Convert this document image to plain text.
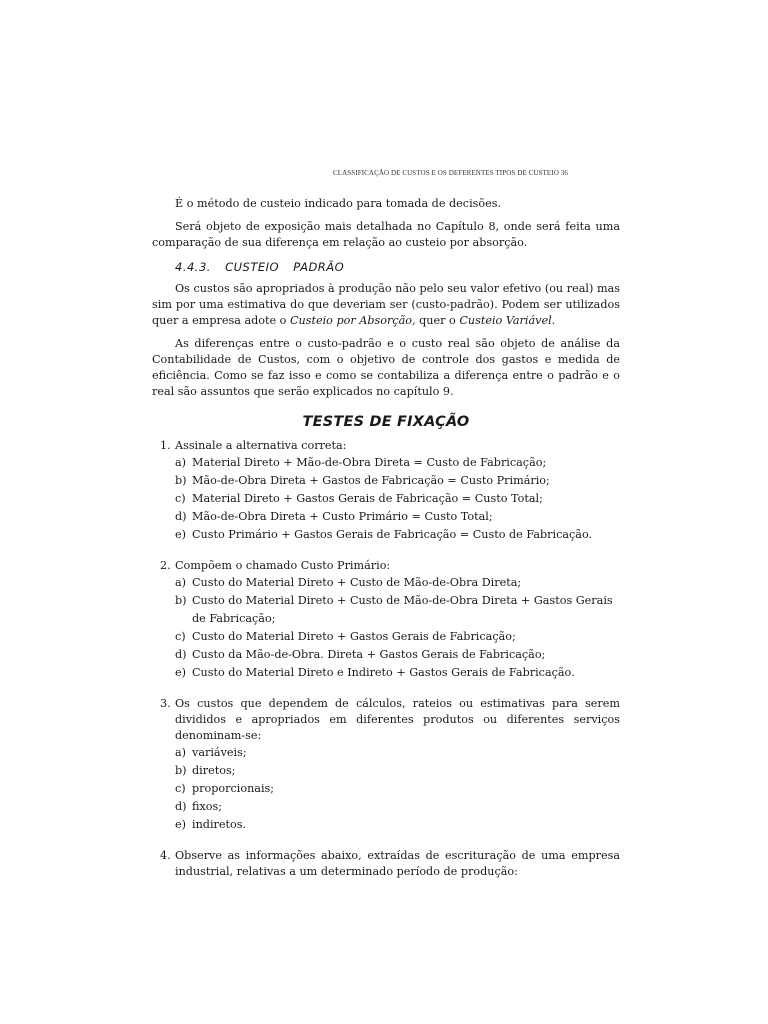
CLASSIFICAÇÃO DE CUSTOS E OS DEFERENTES TIPOS DE CUSTEIO 36

É o método de custeio indicado para tomada de decisões.

Será objeto de exposição mais detalhada no Capítulo 8, onde será feita uma comparação de sua diferença em relação ao custeio por absorção.

4.4.3. CUSTEIO PADRÃO

Os custos são apropriados à produção não pelo seu valor efetivo (ou real) mas sim por uma estimativa do que deveriam ser (custo-padrão). Podem ser utilizados quer a empresa adote o Custeio por Absorção, quer o Custeio Variável.

As diferenças entre o custo-padrão e o custo real são objeto de análise da Contabilidade de Custos, com o objetivo de controle dos gastos e medida de eficiência. Como se faz isso e como se contabiliza a diferença entre o padrão e o real são assuntos que serão explicados no capítulo 9.

TESTES DE FIXAÇÃO
1. Assinale a alternativa correta:
a) Material Direto + Mão-de-Obra Direta = Custo de Fabricação;
b) Mão-de-Obra Direta + Gastos de Fabricação = Custo Primário;
c) Material Direto + Gastos Gerais de Fabricação = Custo Total;
d) Mão-de-Obra Direta + Custo Primário = Custo Total;
e) Custo Primário + Gastos Gerais de Fabricação = Custo de Fabricação.
2. Compõem o chamado Custo Primário:
a) Custo do Material Direto + Custo de Mão-de-Obra Direta;
b) Custo do Material Direto + Custo de Mão-de-Obra Direta + Gastos Gerais de Fabricação;
c) Custo do Material Direto + Gastos Gerais de Fabricação;
d) Custo da Mão-de-Obra. Direta + Gastos Gerais de Fabricação;
e) Custo do Material Direto e Indireto + Gastos Gerais de Fabricação.
3. Os custos que dependem de cálculos, rateios ou estimativas para serem divididos e apropriados em diferentes produtos ou diferentes serviços denominam-se:
a) variáveis;
b) diretos;
c) proporcionais;
d) fixos;
e) indiretos.
4. Observe as informações abaixo, extraídas de escrituração de uma empresa industrial, relativas a um determinado período de produção:
